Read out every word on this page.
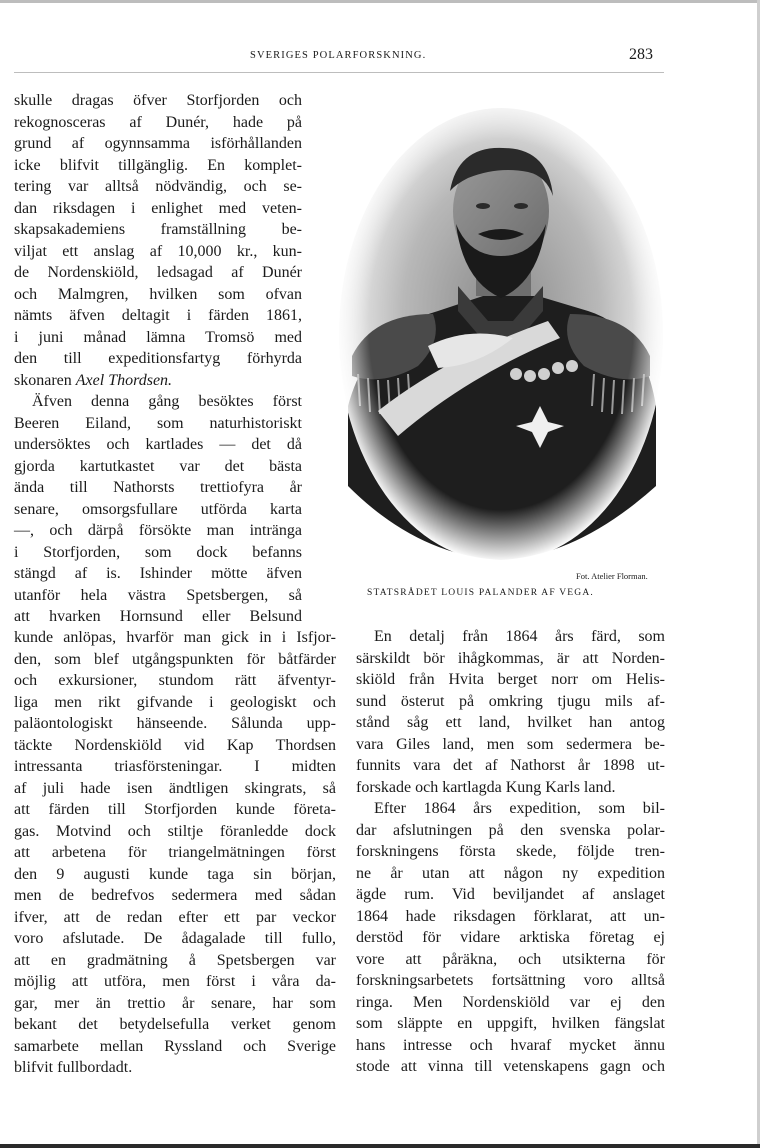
SVERIGES POLARFORSKNING.	283
skulle dragas öfver Storfjorden och
rekognosceras af Dunér, hade på
grund af ogynnsamma isförhållanden
icke blifvit tillgänglig. En komplet-
tering var alltså nödvändig, och se-
dan riksdagen i enlighet med veten-
skapsakademiens framställning be-
viljat ett anslag af 10,000 kr., kun-
de Nordenskiöld, ledsagad af Dunér
och Malmgren, hvilken som ofvan
nämts äfven deltagit i färden 1861,
i juni månad lämna Tromsö med
den till expeditionsfartyg förhyrda
skonaren Axel Thordsen.
Äfven denna gång besöktes först
Beeren Eiland, som naturhistoriskt
undersöktes och kartlades — det då
gjorda kartutkastet var det bästa
ända till Nathorsts trettiofyra år
senare, omsorgsfullare utförda karta
—, och därpå försökte man intränga
i Storfjorden, som dock befanns
stängd af is. Ishinder mötte äfven
utanför hela västra Spetsbergen, så
att hvarken Hornsund eller Belsund
Fot. Atelier Florman.
STATSRÅDET LOUIS PALANDER AF VEGA.
kunde anlöpas, hvarför man gick in i Isfjor-
den, som blef utgångspunkten för båtfärder
och exkursioner, stundom rätt äfventyr-
liga men rikt gifvande i geologiskt och
paläontologiskt hänseende. Sålunda upp-
täckte Nordenskiöld vid Kap Thordsen
intressanta triasförsteningar. I midten
af juli hade isen ändtligen skingrats, så
att färden till Storfjorden kunde företa-
gas. Motvind och stiltje föranledde dock
att arbetena för triangelmätningen först
den 9 augusti kunde taga sin början,
men de bedrefvos sedermera med sådan
ifver, att de redan efter ett par veckor
voro afslutade. De ådagalade till fullo,
att en gradmätning å Spetsbergen var
möjlig att utföra, men först i våra da-
gar, mer än trettio år senare, har som
bekant det betydelsefulla verket genom
samarbete mellan Ryssland och Sverige
blifvit fullbordadt.
En detalj från 1864 års färd, som
särskildt bör ihågkommas, är att Norden-
skiöld från Hvita berget norr om Helis-
sund österut på omkring tjugu mils af-
stånd såg ett land, hvilket han antog
vara Giles land, men som sedermera be-
funnits vara det af Nathorst år 1898 ut-
forskade och kartlagda Kung Karls land.
Efter 1864 års expedition, som bil-
dar afslutningen på den svenska polar-
forskningens första skede, följde tren-
ne år utan att någon ny expedition
ägde rum. Vid beviljandet af anslaget
1864 hade riksdagen förklarat, att un-
derstöd för vidare arktiska företag ej
vore att påräkna, och utsikterna för
forskningsarbetets fortsättning voro alltså
ringa. Men Nordenskiöld var ej den
som släppte en uppgift, hvilken fängslat
hans intresse och hvaraf mycket ännu
stode att vinna till vetenskapens gagn och
